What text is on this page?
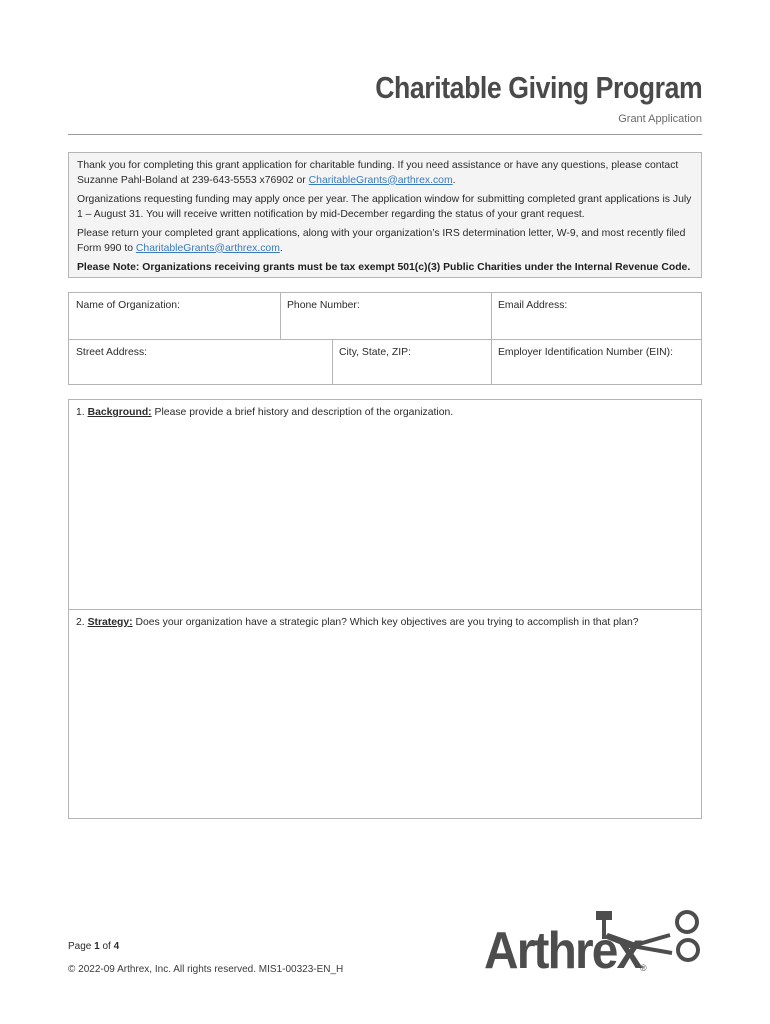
Charitable Giving Program
Grant Application

Thank you for completing this grant application for charitable funding. If you need assistance or have any questions, please contact Suzanne Pahl-Boland at 239-643-5553 x76902 or CharitableGrants@arthrex.com.

Organizations requesting funding may apply once per year. The application window for submitting completed grant applications is July 1 – August 31. You will receive written notification by mid-December regarding the status of your grant request.

Please return your completed grant applications, along with your organization’s IRS determination letter, W-9, and most recently filed Form 990 to CharitableGrants@arthrex.com.

Please Note: Organizations receiving grants must be tax exempt 501(c)(3) Public Charities under the Internal Revenue Code.

Name of Organization:	Phone Number:	Email Address:
Street Address:	City, State, ZIP:	Employer Identification Number (EIN):
1. Background: Please provide a brief history and description of the organization.
2. Strategy: Does your organization have a strategic plan? Which key objectives are you trying to accomplish in that plan?
Page 1 of 4
© 2022-09 Arthrex, Inc. All rights reserved. MIS1-00323-EN_H	Arthrex
®
